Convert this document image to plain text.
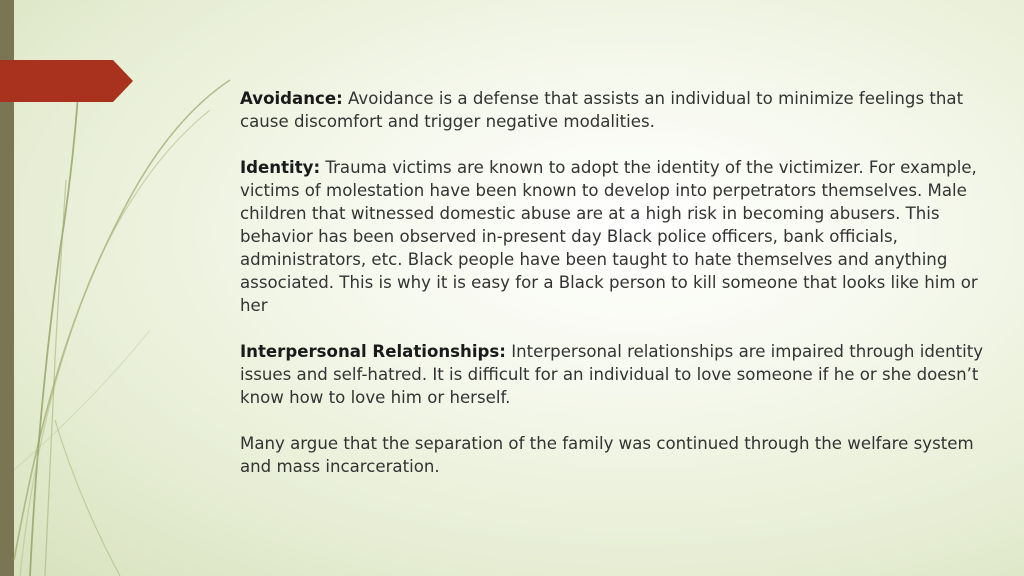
Avoidance: Avoidance is a defense that assists an individual to minimize feelings that cause discomfort and trigger negative modalities.

Identity: Trauma victims are known to adopt the identity of the victimizer. For example, victims of molestation have been known to develop into perpetrators themselves. Male children that witnessed domestic abuse are at a high risk in becoming abusers. This behavior has been observed in-present day Black police officers, bank officials, administrators, etc. Black people have been taught to hate themselves and anything associated. This is why it is easy for a Black person to kill someone that looks like him or her

Interpersonal Relationships: Interpersonal relationships are impaired through identity issues and self-hatred. It is difficult for an individual to love someone if he or she doesn’t know how to love him or herself.

Many argue that the separation of the family was continued through the welfare system and mass incarceration.
